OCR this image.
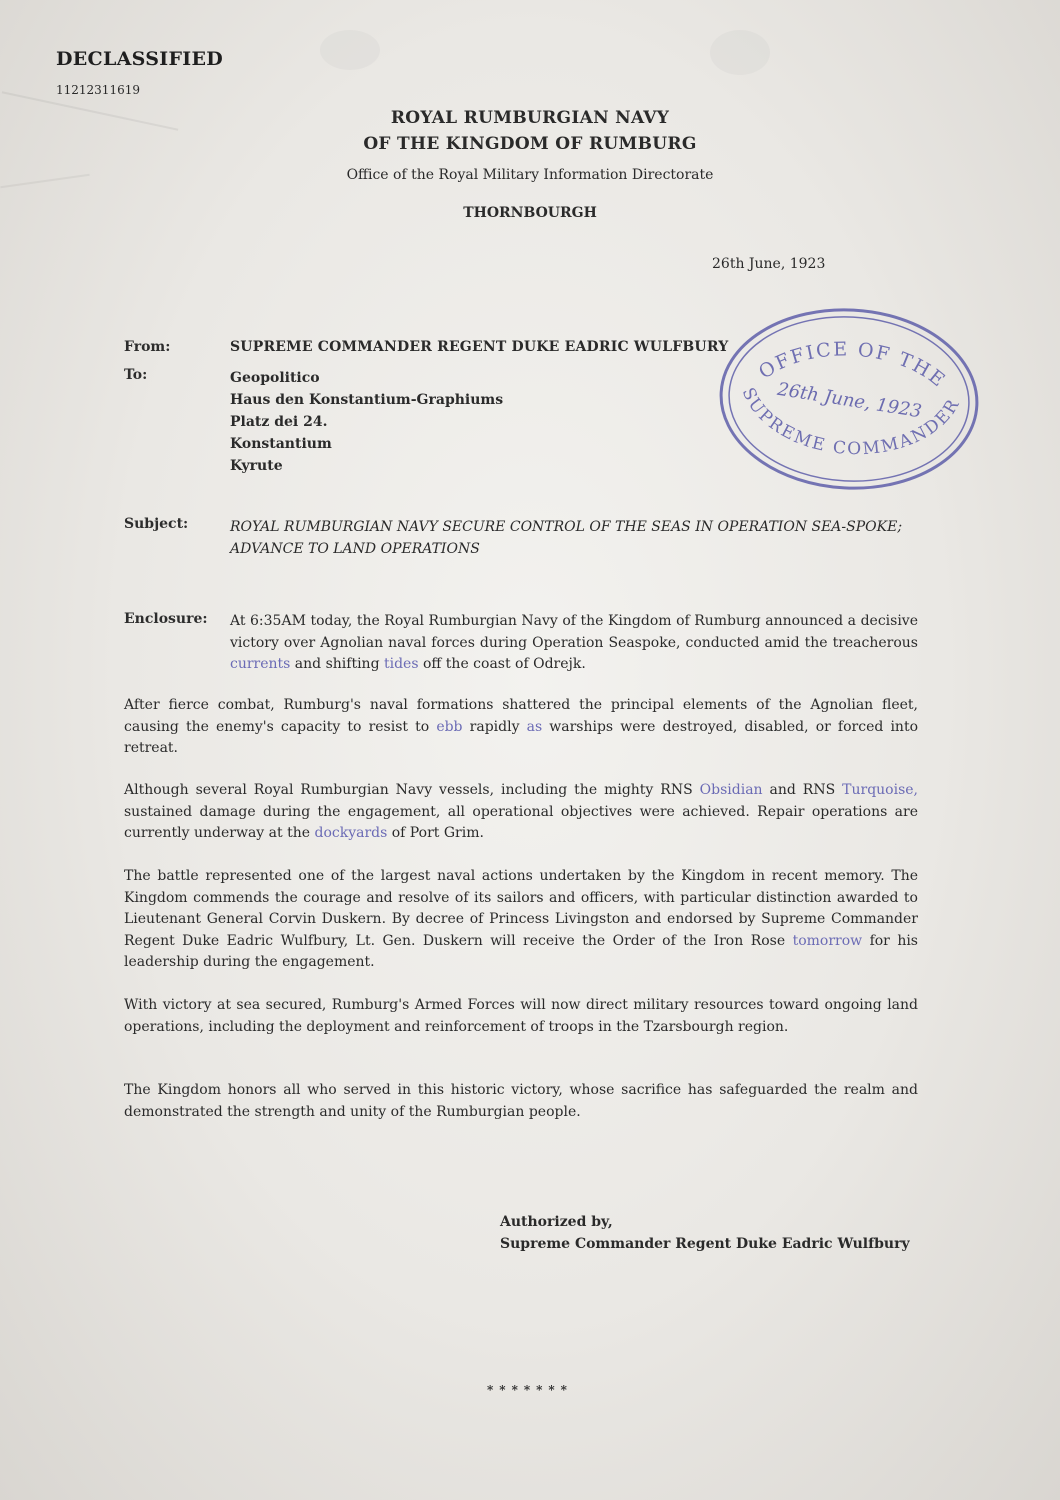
DECLASSIFIED
11212311619
ROYAL RUMBURGIAN NAVY
OF THE KINGDOM OF RUMBURG
Office of the Royal Military Information Directorate
THORNBOURGH
26th June, 1923
From:	SUPREME COMMANDER REGENT DUKE EADRIC WULFBURY
To:	Geopolitico
Haus den Konstantium-Graphiums
Platz dei 24.
Konstantium
Kyrute
Subject:	ROYAL RUMBURGIAN NAVY SECURE CONTROL OF THE SEAS IN OPERATION SEA-SPOKE; ADVANCE TO LAND OPERATIONS
Enclosure: At 6:35AM today, the Royal Rumburgian Navy of the Kingdom of Rumburg announced a decisive victory over Agnolian naval forces during Operation Seaspoke, conducted amid the treacherous currents and shifting tides off the coast of Odrejk.
After fierce combat, Rumburg's naval formations shattered the principal elements of the Agnolian fleet, causing the enemy's capacity to resist to ebb rapidly as warships were destroyed, disabled, or forced into retreat.
Although several Royal Rumburgian Navy vessels, including the mighty RNS Obsidian and RNS Turquoise, sustained damage during the engagement, all operational objectives were achieved. Repair operations are currently underway at the dockyards of Port Grim.
The battle represented one of the largest naval actions undertaken by the Kingdom in recent memory. The Kingdom commends the courage and resolve of its sailors and officers, with particular distinction awarded to Lieutenant General Corvin Duskern. By decree of Princess Livingston and endorsed by Supreme Commander Regent Duke Eadric Wulfbury, Lt. Gen. Duskern will receive the Order of the Iron Rose tomorrow for his leadership during the engagement.
With victory at sea secured, Rumburg's Armed Forces will now direct military resources toward ongoing land operations, including the deployment and reinforcement of troops in the Tzarsbourgh region.
The Kingdom honors all who served in this historic victory, whose sacrifice has safeguarded the realm and demonstrated the strength and unity of the Rumburgian people.
Authorized by,
Supreme Commander Regent Duke Eadric Wulfbury
*******
OFFICE OF THE
SUPREME COMMANDER
26th June, 1923
